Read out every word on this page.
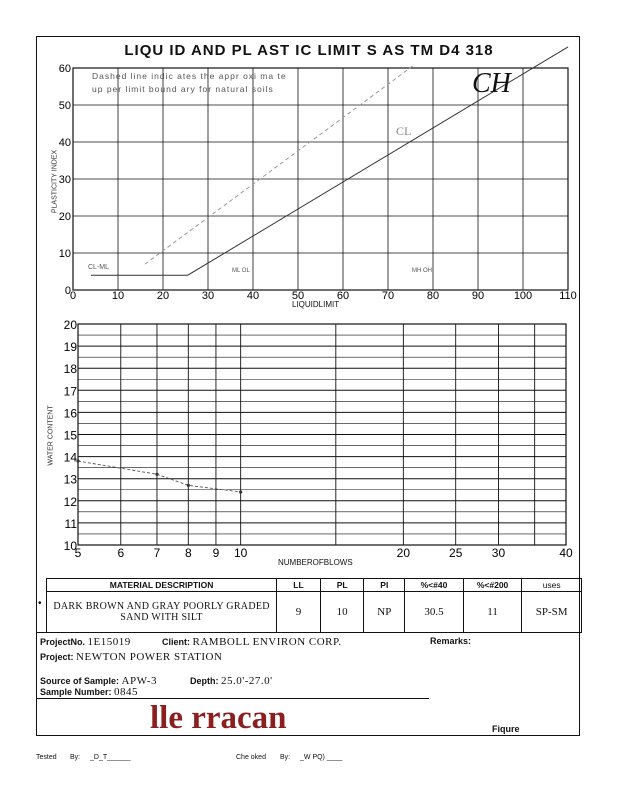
LIQU ID AND PL AST IC LIMIT S AS TM D4 318
0	10	20	30	40	50	60	70	80	90	100 110
0
10
20
30
40
50
60
10
11
12
13
14
15
16
17
18
19
20
5	6 7 8 9 10	20	25 30	40
Dashed line indic ates the appr oxi ma te
up per limit bound ary for natural soils
LIQUIDLIMIT
PLASTICITY INDEX
ML OL	MH OH
CL
CH
CL-ML
NUMBEROFBLOWS
WATER CONTENT
MATERIAL DESCRIPTION	LL	PL	PI	%<#40	%<#200	uses

DARK BROWN AND GRAY POORLY GRADED
SAND WITH SILT	9	10	NP	30.5	11	SP-SM
•
ProjectNo. 1E15019	Client: RAMBOLL ENVIRON CORP.	Remarks:
Project: NEWTON POWER STATION
Source of Sample: APW-3	Depth: 25.0'-27.0'
Sample Number: 0845
lle rracan	Fiqure
Tested By: _D_T______	Che oked By: _W PQ) ____
